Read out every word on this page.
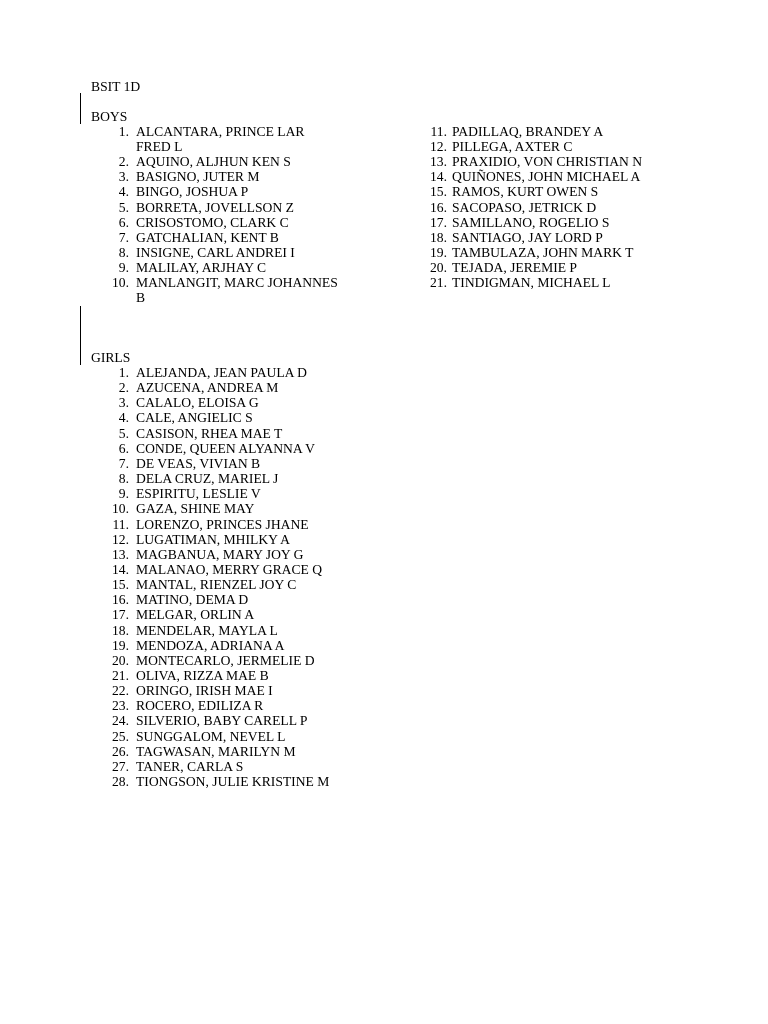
BSIT 1D
BOYS
1. ALCANTARA, PRINCE LAR
FRED L
2. AQUINO, ALJHUN KEN S
3. BASIGNO, JUTER M
4. BINGO, JOSHUA P
5. BORRETA, JOVELLSON Z
6. CRISOSTOMO, CLARK C
7. GATCHALIAN, KENT B
8. INSIGNE, CARL ANDREI I
9. MALILAY, ARJHAY C
10. MANLANGIT, MARC JOHANNES
B
11. PADILLAQ, BRANDEY A
12. PILLEGA, AXTER C
13. PRAXIDIO, VON CHRISTIAN N
14. QUIÑONES, JOHN MICHAEL A
15. RAMOS, KURT OWEN S
16. SACOPASO, JETRICK D
17. SAMILLANO, ROGELIO S
18. SANTIAGO, JAY LORD P
19. TAMBULAZA, JOHN MARK T
20. TEJADA, JEREMIE P
21. TINDIGMAN, MICHAEL L
GIRLS
1. ALEJANDA, JEAN PAULA D
2. AZUCENA, ANDREA M
3. CALALO, ELOISA G
4. CALE, ANGIELIC S
5. CASISON, RHEA MAE T
6. CONDE, QUEEN ALYANNA V
7. DE VEAS, VIVIAN B
8. DELA CRUZ, MARIEL J
9. ESPIRITU, LESLIE V
10. GAZA, SHINE MAY
11. LORENZO, PRINCES JHANE
12. LUGATIMAN, MHILKY A
13. MAGBANUA, MARY JOY G
14. MALANAO, MERRY GRACE Q
15. MANTAL, RIENZEL JOY C
16. MATINO, DEMA D
17. MELGAR, ORLIN A
18. MENDELAR, MAYLA L
19. MENDOZA, ADRIANA A
20. MONTECARLO, JERMELIE D
21. OLIVA, RIZZA MAE B
22. ORINGO, IRISH MAE I
23. ROCERO, EDILIZA R
24. SILVERIO, BABY CARELL P
25. SUNGGALOM, NEVEL L
26. TAGWASAN, MARILYN M
27. TANER, CARLA S
28. TIONGSON, JULIE KRISTINE M
